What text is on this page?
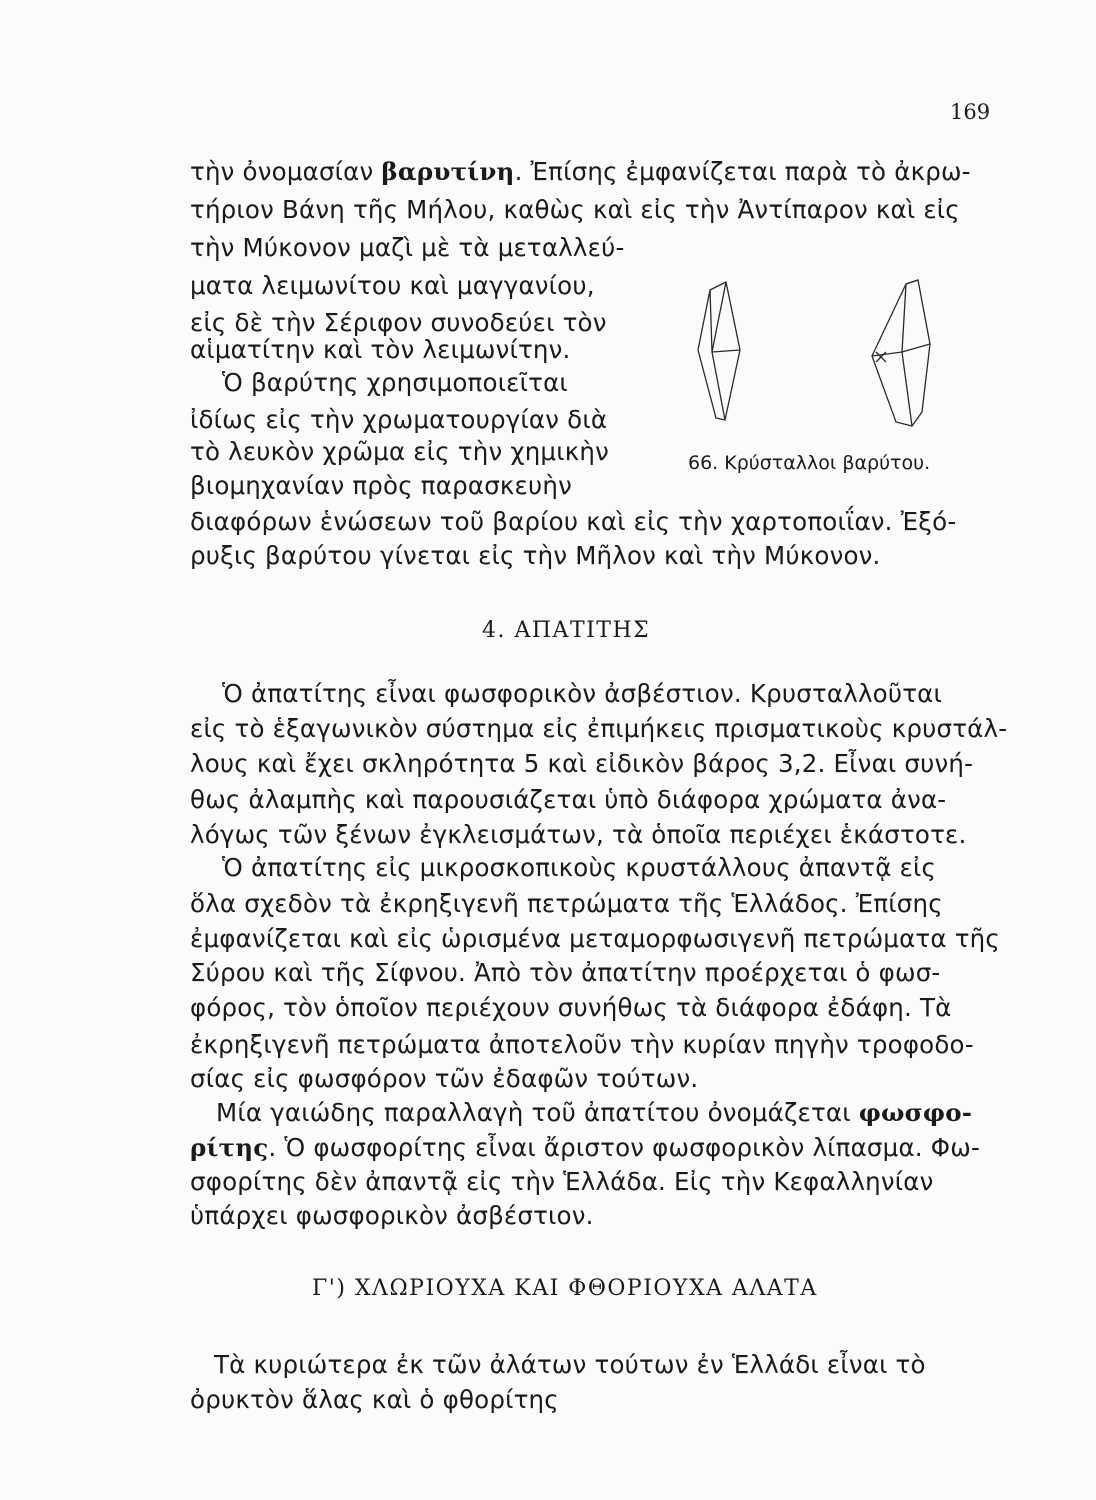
169
τὴν ὀνομασίαν βαρυτίνη. Ἐπίσης ἐμφανίζεται παρὰ τὸ ἀκρω-
τήριον Βάνη τῆς Μήλου, καθὼς καὶ εἰς τὴν Ἀντίπαρον καὶ εἰς
τὴν Μύκονον μαζὶ μὲ τὰ μεταλλεύ-
ματα λειμωνίτου καὶ μαγγανίου,
εἰς δὲ τὴν Σέριφον συνοδεύει τὸν
αἱματίτην καὶ τὸν λειμωνίτην.
Ὁ βαρύτης χρησιμοποιεῖται
ἰδίως εἰς τὴν χρωματουργίαν διὰ
τὸ λευκὸν χρῶμα εἰς τὴν χημικὴν
βιομηχανίαν πρὸς παρασκευὴν
διαφόρων ἑνώσεων τοῦ βαρίου καὶ εἰς τὴν χαρτοποιΐαν. Ἐξό-
ρυξις βαρύτου γίνεται εἰς τὴν Μῆλον καὶ τὴν Μύκονον.
66. Κρύσταλλοι βαρύτου.
4. ΑΠΑΤΙΤΗΣ
Ὁ ἀπατίτης εἶναι φωσφορικὸν ἀσβέστιον. Κρυσταλλοῦται
εἰς τὸ ἑξαγωνικὸν σύστημα εἰς ἐπιμήκεις πρισματικοὺς κρυστάλ-
λους καὶ ἔχει σκληρότητα 5 καὶ εἰδικὸν βάρος 3,2. Εἶναι συνή-
θως ἀλαμπὴς καὶ παρουσιάζεται ὑπὸ διάφορα χρώματα ἀνα-
λόγως τῶν ξένων ἐγκλεισμάτων, τὰ ὁποῖα περιέχει ἑκάστοτε.
Ὁ ἀπατίτης εἰς μικροσκοπικοὺς κρυστάλλους ἀπαντᾷ εἰς
ὅλα σχεδὸν τὰ ἐκρηξιγενῆ πετρώματα τῆς Ἑλλάδος. Ἐπίσης
ἐμφανίζεται καὶ εἰς ὡρισμένα μεταμορφωσιγενῆ πετρώματα τῆς
Σύρου καὶ τῆς Σίφνου. Ἀπὸ τὸν ἀπατίτην προέρχεται ὁ φωσ-
φόρος, τὸν ὁποῖον περιέχουν συνήθως τὰ διάφορα ἐδάφη. Τὰ
ἐκρηξιγενῆ πετρώματα ἀποτελοῦν τὴν κυρίαν πηγὴν τροφοδο-
σίας εἰς φωσφόρον τῶν ἐδαφῶν τούτων.
Μία γαιώδης παραλλαγὴ τοῦ ἀπατίτου ὀνομάζεται φωσφο-
ρίτης. Ὁ φωσφορίτης εἶναι ἄριστον φωσφορικὸν λίπασμα. Φω-
σφορίτης δὲν ἀπαντᾷ εἰς τὴν Ἑλλάδα. Εἰς τὴν Κεφαλληνίαν
ὑπάρχει φωσφορικὸν ἀσβέστιον.
Γ') ΧΛΩΡΙΟΥΧΑ ΚΑΙ ΦΘΟΡΙΟΥΧΑ ΑΛΑΤΑ
Τὰ κυριώτερα ἐκ τῶν ἀλάτων τούτων ἐν Ἑλλάδι εἶναι τὸ
ὀρυκτὸν ἅλας καὶ ὁ φθορίτης
